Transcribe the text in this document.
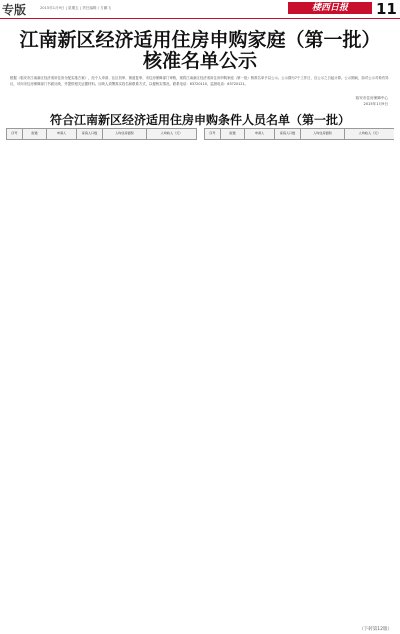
专版	2015年1月9日 | 星期五 | 责任编辑 / 方鹏飞	楼西日报	11
江南新区经济适用住房申购家庭（第一批）
核准名单公示
根据《临安市江南新区经济适用住房分配实施方案》，经个人申请、社区初审、街道复审、市住房保障部门审核，现将江南新区经济适用住房申购家庭（第一批）核准名单予以公示。公示期为7个工作日，自公示之日起计算。公示期间，如对公示对象有异议，可向市住房保障部门书面反映，并提供相关证据材料。反映人须署真实姓名和联系方式，以便核实情况。联系电话：63720110，监督电话：63720121。
临安市住房保障中心
2015年1月9日
符合江南新区经济适用住房申购条件人员名单（第一批）
序号	街道	申请人	家庭人口数	人均住房面积	人均收入（元）	序号	街道	申请人	家庭人口数	人均住房面积	人均收入（元）
（下转第12版）
